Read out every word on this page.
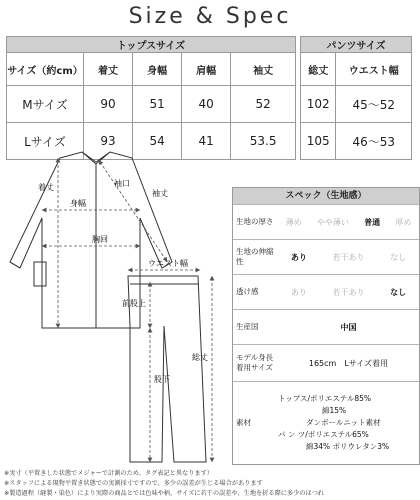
Size & Spec
トップスサイズ				
サイズ（約cm）	着丈	身幅	肩幅	袖丈
Mサイズ	90	51	40	52
Lサイズ	93	54	41	53.5
パンツサイズ	
総丈	ウエスト幅
102	45〜52
105	46〜53
着丈
身幅
袖丈
袖口
胸回
ウエスト幅
前股上
股下
総丈
スペック（生地感）
生地の厚さ	薄め やや薄い 普通 厚め
生地の伸縮性	あり	若干あり	なし
透け感	あり	若干あり	なし
生産国	中国
モデル身長着用サイズ	165cm　Lサイズ着用
素材
トップス/ポリエステル85%
綿15%
ダンボールニット素材
パ ン ツ/ポリエステル65%
綿34% ポリウレタン3%
※実寸（平置きした状態でメジャーで計測のため、タグ表記と異なります）
※スタッフによる現物平置き状態での実測採寸ですので、多少の誤差が生じる場合があります
※製造過程（縫製・染色）により実際の商品とでは色味や柄、サイズに若干の誤差や、生地を折る際に多少のほつれ
